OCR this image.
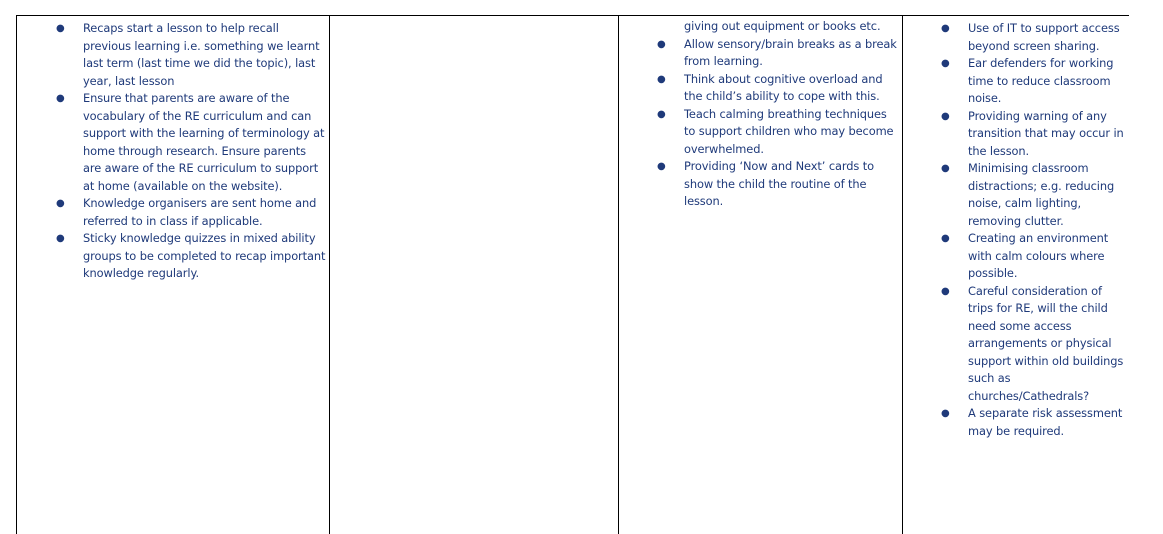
● Recaps start a lesson to help recall previous learning i.e. something we learnt last term (last time we did the topic), last year, last lesson
● Ensure that parents are aware of the vocabulary of the RE curriculum and can support with the learning of terminology at home through research. Ensure parents are aware of the RE curriculum to support at home (available on the website).
● Knowledge organisers are sent home and referred to in class if applicable.
● Sticky knowledge quizzes in mixed ability groups to be completed to recap important knowledge regularly.
giving out equipment or books etc.
● Allow sensory/brain breaks as a break from learning.
● Think about cognitive overload and the child’s ability to cope with this.
● Teach calming breathing techniques to support children who may become overwhelmed.
● Providing ‘Now and Next’ cards to show the child the routine of the lesson.
● Use of IT to support access beyond screen sharing.
● Ear defenders for working time to reduce classroom noise.
● Providing warning of any transition that may occur in the lesson.
● Minimising classroom distractions; e.g. reducing noise, calm lighting, removing clutter.
● Creating an environment with calm colours where possible.
● Careful consideration of trips for RE, will the child need some access arrangements or physical support within old buildings such as churches/Cathedrals?
● A separate risk assessment may be required.
